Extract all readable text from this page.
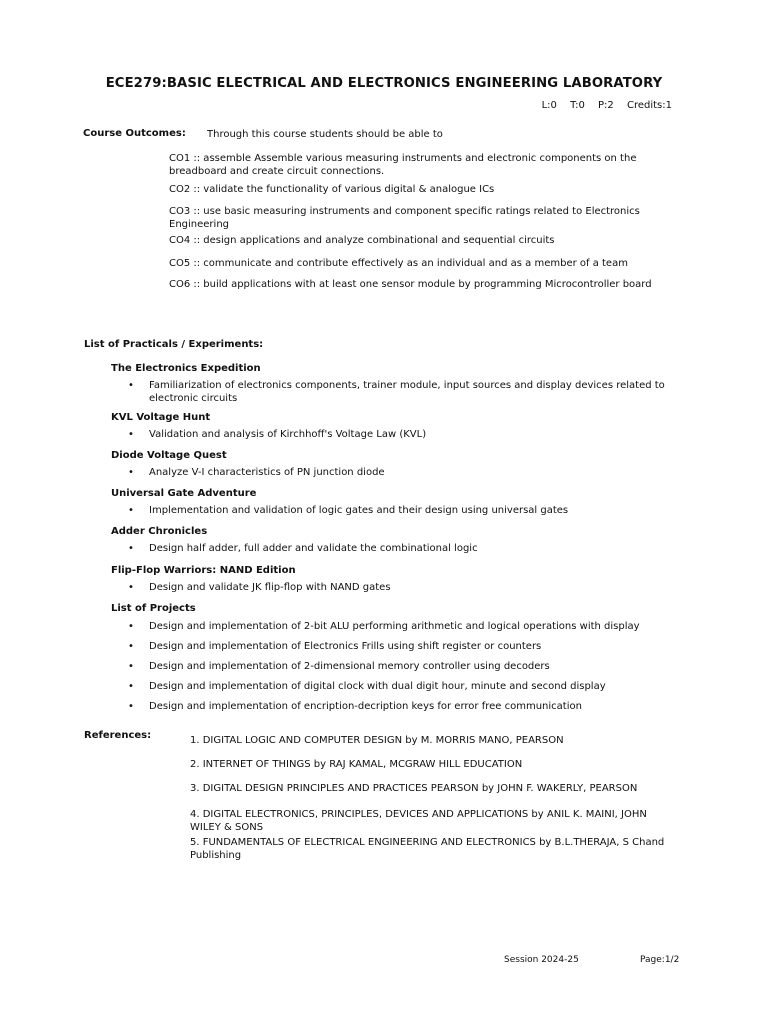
ECE279:BASIC ELECTRICAL AND ELECTRONICS ENGINEERING LABORATORY
L:0 T:0 P:2 Credits:1
Course Outcomes: Through this course students should be able to
CO1 :: assemble Assemble various measuring instruments and electronic components on the breadboard and create circuit connections.
CO2 :: validate the functionality of various digital & analogue ICs
CO3 :: use basic measuring instruments and component specific ratings related to Electronics Engineering
CO4 :: design applications and analyze combinational and sequential circuits
CO5 :: communicate and contribute effectively as an individual and as a member of a team
CO6 :: build applications with at least one sensor module by programming Microcontroller board
List of Practicals / Experiments:
The Electronics Expedition
• Familiarization of electronics components, trainer module, input sources and display devices related to electronic circuits
KVL Voltage Hunt
• Validation and analysis of Kirchhoff's Voltage Law (KVL)
Diode Voltage Quest
• Analyze V-I characteristics of PN junction diode
Universal Gate Adventure
• Implementation and validation of logic gates and their design using universal gates
Adder Chronicles
• Design half adder, full adder and validate the combinational logic
Flip-Flop Warriors: NAND Edition
• Design and validate JK flip-flop with NAND gates
List of Projects
• Design and implementation of 2-bit ALU performing arithmetic and logical operations with display
• Design and implementation of Electronics Frills using shift register or counters
• Design and implementation of 2-dimensional memory controller using decoders
• Design and implementation of digital clock with dual digit hour, minute and second display
• Design and implementation of encription-decription keys for error free communication
References:	1. DIGITAL LOGIC AND COMPUTER DESIGN by M. MORRIS MANO, PEARSON
2. INTERNET OF THINGS by RAJ KAMAL, MCGRAW HILL EDUCATION
3. DIGITAL DESIGN PRINCIPLES AND PRACTICES PEARSON by JOHN F. WAKERLY, PEARSON
4. DIGITAL ELECTRONICS, PRINCIPLES, DEVICES AND APPLICATIONS by ANIL K. MAINI, JOHN WILEY & SONS
5. FUNDAMENTALS OF ELECTRICAL ENGINEERING AND ELECTRONICS by B.L.THERAJA, S Chand Publishing
Session 2024-25	Page:1/2
